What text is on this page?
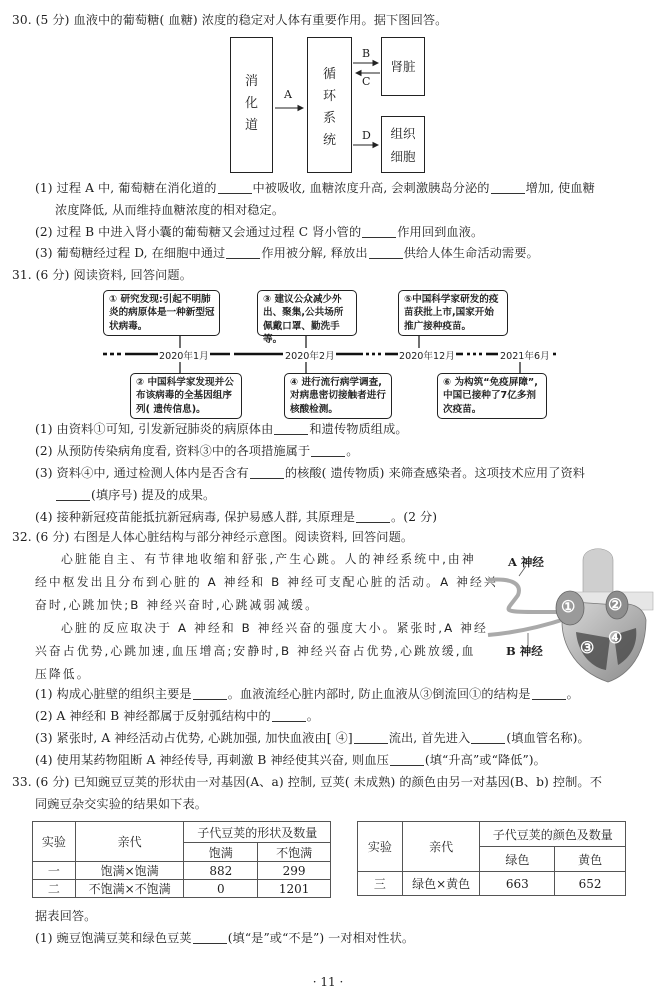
30. (5 分) 血液中的葡萄糖( 血糖) 浓度的稳定对人体有重要作用。据下图回答。
消
化
道
循
环
系
统
肾脏
组织
细胞
A
B
C
D
(1) 过程 A 中, 葡萄糖在消化道的	中被吸收, 血糖浓度升高, 会刺激胰岛分泌的	增加, 使血糖
浓度降低, 从而维持血糖浓度的相对稳定。
(2) 过程 B 中进入肾小囊的葡萄糖又会通过过程 C 肾小管的	作用回到血液。
(3) 葡萄糖经过程 D, 在细胞中通过	作用被分解, 释放出	供给人体生命活动需要。
31. (6 分) 阅读资料, 回答问题。
2020年1月	2020年2月	2020年12月	2021年6月
① 研究发现:引起不明肺炎的病原体是一种新型冠状病毒。
③ 建议公众减少外出、聚集,公共场所佩戴口罩、勤洗手等。
⑤中国科学家研发的疫苗获批上市,国家开始推广接种疫苗。
② 中国科学家发现并公布该病毒的全基因组序列( 遗传信息)。
④ 进行流行病学调查,对病患密切接触者进行核酸检测。
⑥ 为构筑“免疫屏障”,中国已接种了7亿多剂次疫苗。
(1) 由资料①可知, 引发新冠肺炎的病原体由	和遗传物质组成。
(2) 从预防传染病角度看, 资料③中的各项措施属于	。
(3) 资料④中, 通过检测人体内是否含有	的核酸( 遗传物质) 来筛查感染者。这项技术应用了资料
(填序号) 提及的成果。
(4) 接种新冠疫苗能抵抗新冠病毒, 保护易感人群, 其原理是	。(2 分)
32. (6 分) 右图是人体心脏结构与部分神经示意图。阅读资料, 回答问题。
心脏能自主、有节律地收缩和舒张,产生心跳。人的神经系统中,由神
经中枢发出且分布到心脏的 A 神经和 B 神经可支配心脏的活动。A 神经兴
奋时,心跳加快;B 神经兴奋时,心跳减弱减缓。
心脏的反应取决于 A 神经和 B 神经兴奋的强度大小。紧张时,A 神经
兴奋占优势,心跳加速,血压增高;安静时,B 神经兴奋占优势,心跳放缓,血
压降低。
A 神经
B 神经
① ②
③
④
(1) 构成心脏壁的组织主要是	。血液流经心脏内部时, 防止血液从③倒流回①的结构是	。
(2) A 神经和 B 神经都属于反射弧结构中的	。
(3) 紧张时, A 神经活动占优势, 心跳加强, 加快血液由[ ④]	流出, 首先进入	(填血管名称)。
(4) 使用某药物阻断 A 神经传导, 再刺激 B 神经使其兴奋, 则血压	(填“升高”或“降低”)。
33. (6 分) 已知豌豆豆荚的形状由一对基因(A、a) 控制, 豆荚( 未成熟) 的颜色由另一对基因(B、b) 控制。不
同豌豆杂交实验的结果如下表。
实验	亲代	子代豆荚的形状及数量	
		饱满	不饱满
一	饱满×饱满	882	299
二	不饱满×不饱满	0	1201
实验	亲代	子代豆荚的颜色及数量	
		绿色	黄色
三	绿色×黄色	663	652
据表回答。
(1) 豌豆饱满豆荚和绿色豆荚	(填“是”或“不是”) 一对相对性状。
· 11 ·
